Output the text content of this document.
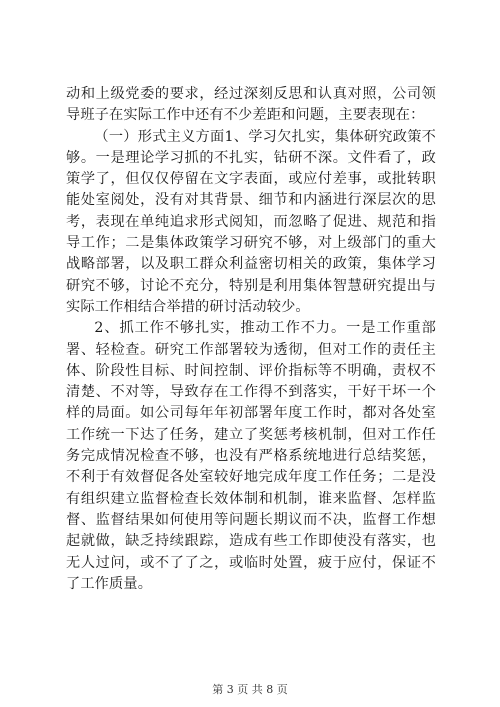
动和上级党委的要求，经过深刻反思和认真对照，公司领导班子在实际工作中还有不少差距和问题，主要表现在：

（一）形式主义方面1、学习欠扎实，集体研究政策不够。一是理论学习抓的不扎实，钻研不深。文件看了，政策学了，但仅仅停留在文字表面，或应付差事，或批转职能处室阅处，没有对其背景、细节和内涵进行深层次的思考，表现在单纯追求形式阅知，而忽略了促进、规范和指导工作；二是集体政策学习研究不够，对上级部门的重大战略部署，以及职工群众利益密切相关的政策，集体学习研究不够，讨论不充分，特别是利用集体智慧研究提出与实际工作相结合举措的研讨活动较少。

2、抓工作不够扎实，推动工作不力。一是工作重部署、轻检查。研究工作部署较为透彻，但对工作的责任主体、阶段性目标、时间控制、评价指标等不明确，责权不清楚、不对等，导致存在工作得不到落实，干好干坏一个样的局面。如公司每年年初部署年度工作时，都对各处室工作统一下达了任务，建立了奖惩考核机制，但对工作任务完成情况检查不够，也没有严格系统地进行总结奖惩，不利于有效督促各处室较好地完成年度工作任务；二是没有组织建立监督检查长效体制和机制，谁来监督、怎样监督、监督结果如何使用等问题长期议而不决，监督工作想起就做，缺乏持续跟踪，造成有些工作即使没有落实，也无人过问，或不了了之，或临时处置，疲于应付，保证不了工作质量。

第 3 页 共 8 页
